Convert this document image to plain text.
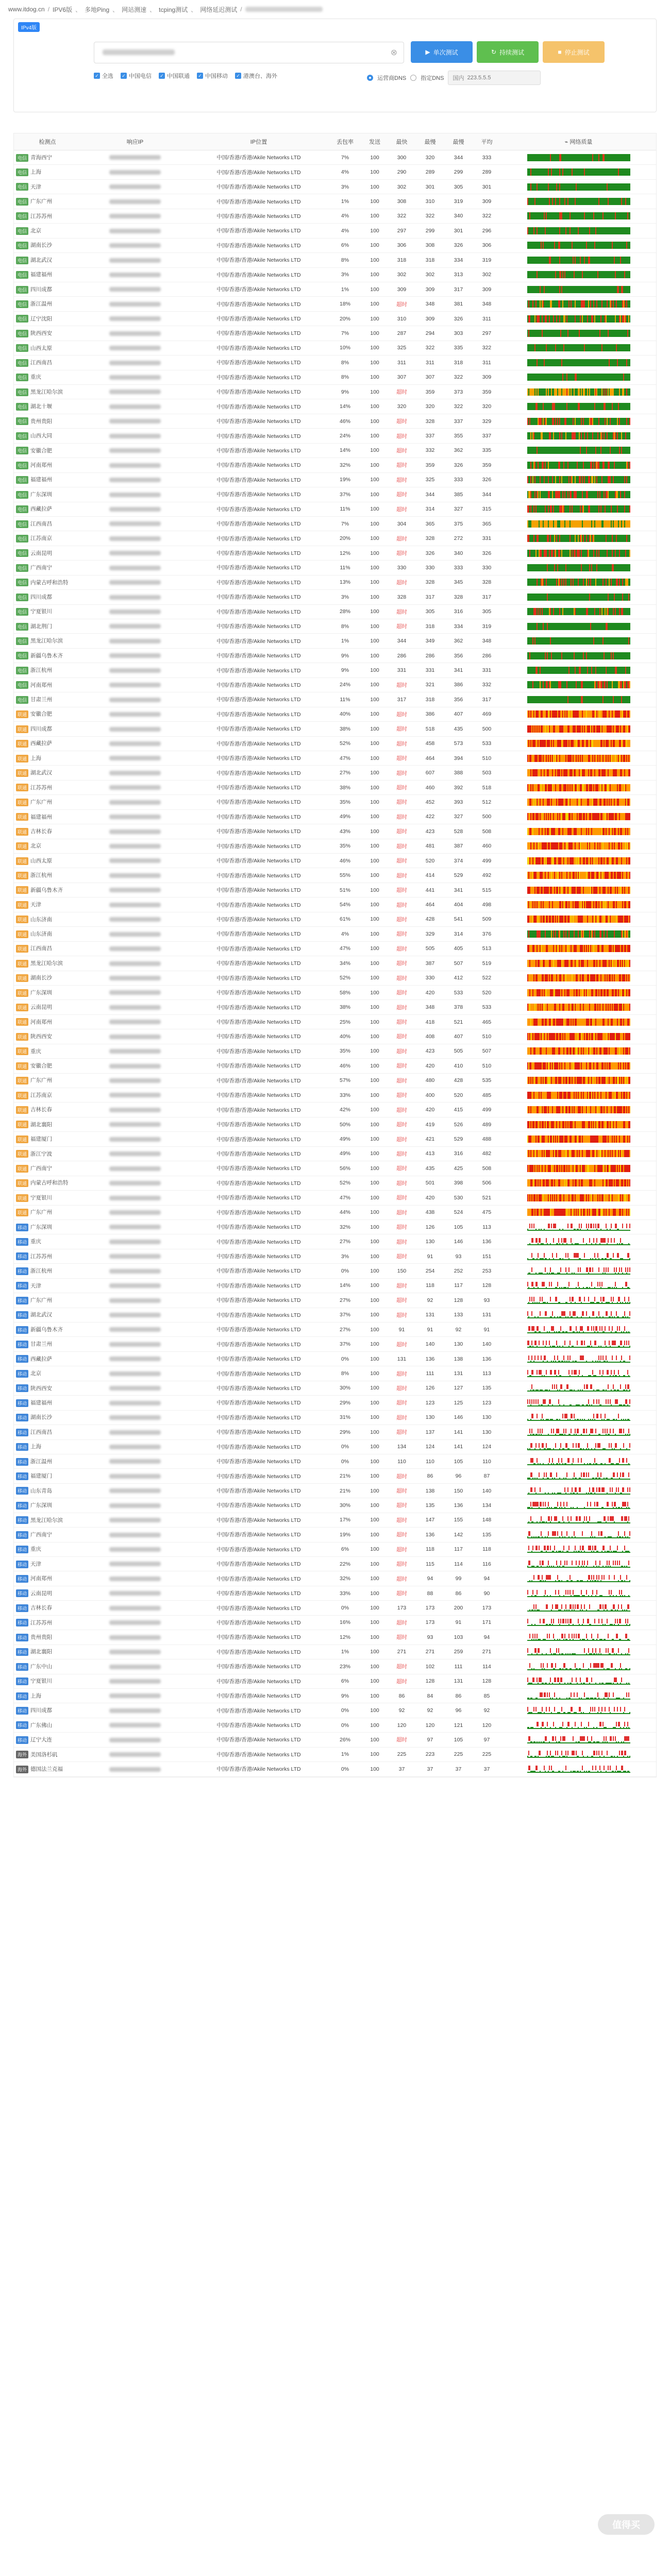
www.itdog.cn / IPV6版 、 多地Ping 、 网站测速 、 tcping测试 、 网络延迟测试 /
IPv4版
⊗	▶ 单次测试	↻ 持续测试	■ 停止测试
✓ 全选 ✓ 中国电信 ✓ 中国联通 ✓ 中国移动 ✓ 港澳台、海外	运营商DNS	指定DNS 国内
223.5.5.5
检测点	响应IP	IP位置	丢包率	发送	最快	最慢	最慢	平均	⌁ 网络质量
电信 青海西宁		中国/香港/香港/Akile Networks LTD	7%	100	300	320	344	333	

电信 上海		中国/香港/香港/Akile Networks LTD	4%	100	290	289	299	289	

电信 天津		中国/香港/香港/Akile Networks LTD	3%	100	302	301	305	301	

电信 广东广州		中国/香港/香港/Akile Networks LTD	1%	100	308	310	319	309	

电信 江苏苏州		中国/香港/香港/Akile Networks LTD	4%	100	322	322	340	322	

电信 北京		中国/香港/香港/Akile Networks LTD	4%	100	297	299	301	296	

电信 湖南长沙		中国/香港/香港/Akile Networks LTD	6%	100	306	308	326	306	

电信 湖北武汉		中国/香港/香港/Akile Networks LTD	8%	100	318	318	334	319	

电信 福建福州		中国/香港/香港/Akile Networks LTD	3%	100	302	302	313	302	

电信 四川成都		中国/香港/香港/Akile Networks LTD	1%	100	309	309	317	309	

电信 浙江温州		中国/香港/香港/Akile Networks LTD	18%	100	超时	348	381	348	

电信 辽宁沈阳		中国/香港/香港/Akile Networks LTD	20%	100	310	309	326	311	

电信 陕西西安		中国/香港/香港/Akile Networks LTD	7%	100	287	294	303	297	

电信 山西太原		中国/香港/香港/Akile Networks LTD	10%	100	325	322	335	322	

电信 江西南昌		中国/香港/香港/Akile Networks LTD	8%	100	311	311	318	311	

电信 重庆		中国/香港/香港/Akile Networks LTD	8%	100	307	307	322	309	

电信 黑龙江哈尔滨		中国/香港/香港/Akile Networks LTD	9%	100	超时	359	373	359	

电信 湖北十堰		中国/香港/香港/Akile Networks LTD	14%	100	320	320	322	320	

电信 贵州贵阳		中国/香港/香港/Akile Networks LTD	46%	100	超时	328	337	329	

电信 山西大同		中国/香港/香港/Akile Networks LTD	24%	100	超时	337	355	337	

电信 安徽合肥		中国/香港/香港/Akile Networks LTD	14%	100	超时	332	362	335	

电信 河南郑州		中国/香港/香港/Akile Networks LTD	32%	100	超时	359	326	359	

电信 福建福州		中国/香港/香港/Akile Networks LTD	19%	100	超时	325	333	326	

电信 广东深圳		中国/香港/香港/Akile Networks LTD	37%	100	超时	344	385	344	

电信 西藏拉萨		中国/香港/香港/Akile Networks LTD	11%	100	超时	314	327	315	

电信 江西南昌		中国/香港/香港/Akile Networks LTD	7%	100	304	365	375	365	

电信 江苏南京		中国/香港/香港/Akile Networks LTD	20%	100	超时	328	272	331	

电信 云南昆明		中国/香港/香港/Akile Networks LTD	12%	100	超时	326	340	326	

电信 广西南宁		中国/香港/香港/Akile Networks LTD	11%	100	330	330	333	330	

电信 内蒙古呼和浩特		中国/香港/香港/Akile Networks LTD	13%	100	超时	328	345	328	

电信 四川成都		中国/香港/香港/Akile Networks LTD	3%	100	328	317	328	317	

电信 宁夏银川		中国/香港/香港/Akile Networks LTD	28%	100	超时	305	316	305	

电信 湖北荆门		中国/香港/香港/Akile Networks LTD	8%	100	超时	318	334	319	

电信 黑龙江哈尔滨		中国/香港/香港/Akile Networks LTD	1%	100	344	349	362	348	

电信 新疆乌鲁木齐		中国/香港/香港/Akile Networks LTD	9%	100	286	286	356	286	

电信 浙江杭州		中国/香港/香港/Akile Networks LTD	9%	100	331	331	341	331	

电信 河南郑州		中国/香港/香港/Akile Networks LTD	24%	100	超时	321	386	332	

电信 甘肃兰州		中国/香港/香港/Akile Networks LTD	11%	100	317	318	356	317	

联通 安徽合肥		中国/香港/香港/Akile Networks LTD	40%	100	超时	386	407	469	

联通 四川成都		中国/香港/香港/Akile Networks LTD	38%	100	超时	518	435	500	

联通 西藏拉萨		中国/香港/香港/Akile Networks LTD	52%	100	超时	458	573	533	

联通 上海		中国/香港/香港/Akile Networks LTD	47%	100	超时	464	394	510	

联通 湖北武汉		中国/香港/香港/Akile Networks LTD	27%	100	超时	607	388	503	

联通 江苏苏州		中国/香港/香港/Akile Networks LTD	38%	100	超时	460	392	518	

联通 广东广州		中国/香港/香港/Akile Networks LTD	35%	100	超时	452	393	512	

联通 福建福州		中国/香港/香港/Akile Networks LTD	49%	100	超时	422	327	500	

联通 吉林长春		中国/香港/香港/Akile Networks LTD	43%	100	超时	423	528	508	

联通 北京		中国/香港/香港/Akile Networks LTD	35%	100	超时	481	387	460	

联通 山西太原		中国/香港/香港/Akile Networks LTD	46%	100	超时	520	374	499	

联通 浙江杭州		中国/香港/香港/Akile Networks LTD	55%	100	超时	414	529	492	

联通 新疆乌鲁木齐		中国/香港/香港/Akile Networks LTD	51%	100	超时	441	341	515	

联通 天津		中国/香港/香港/Akile Networks LTD	54%	100	超时	464	404	498	

联通 山东济南		中国/香港/香港/Akile Networks LTD	61%	100	超时	428	541	509	

联通 山东济南		中国/香港/香港/Akile Networks LTD	4%	100	超时	329	314	376	

联通 江西南昌		中国/香港/香港/Akile Networks LTD	47%	100	超时	505	405	513	

联通 黑龙江哈尔滨		中国/香港/香港/Akile Networks LTD	34%	100	超时	387	507	519	

联通 湖南长沙		中国/香港/香港/Akile Networks LTD	52%	100	超时	330	412	522	

联通 广东深圳		中国/香港/香港/Akile Networks LTD	58%	100	超时	420	533	520	

联通 云南昆明		中国/香港/香港/Akile Networks LTD	38%	100	超时	348	378	533	

联通 河南郑州		中国/香港/香港/Akile Networks LTD	25%	100	超时	418	521	465	

联通 陕西西安		中国/香港/香港/Akile Networks LTD	40%	100	超时	408	407	510	

联通 重庆		中国/香港/香港/Akile Networks LTD	35%	100	超时	423	505	507	

联通 安徽合肥		中国/香港/香港/Akile Networks LTD	46%	100	超时	420	410	510	

联通 广东广州		中国/香港/香港/Akile Networks LTD	57%	100	超时	480	428	535	

联通 江苏南京		中国/香港/香港/Akile Networks LTD	33%	100	超时	400	520	485	

联通 吉林长春		中国/香港/香港/Akile Networks LTD	42%	100	超时	420	415	499	

联通 湖北襄阳		中国/香港/香港/Akile Networks LTD	50%	100	超时	419	526	489	

联通 福建厦门		中国/香港/香港/Akile Networks LTD	49%	100	超时	421	529	488	

联通 浙江宁波		中国/香港/香港/Akile Networks LTD	49%	100	超时	413	316	482	

联通 广西南宁		中国/香港/香港/Akile Networks LTD	56%	100	超时	435	425	508	

联通 内蒙古呼和浩特		中国/香港/香港/Akile Networks LTD	52%	100	超时	501	398	506	

联通 宁夏银川		中国/香港/香港/Akile Networks LTD	47%	100	超时	420	530	521	

联通 广东广州		中国/香港/香港/Akile Networks LTD	44%	100	超时	438	524	475	

移动 广东深圳		中国/香港/香港/Akile Networks LTD	32%	100	超时	126	105	113	

移动 重庆		中国/香港/香港/Akile Networks LTD	27%	100	超时	130	146	136	

移动 江苏苏州		中国/香港/香港/Akile Networks LTD	3%	100	超时	91	93	151	

移动 浙江杭州		中国/香港/香港/Akile Networks LTD	0%	100	150	254	252	253	

移动 天津		中国/香港/香港/Akile Networks LTD	14%	100	超时	118	117	128	

移动 广东广州		中国/香港/香港/Akile Networks LTD	27%	100	超时	92	128	93	

移动 湖北武汉		中国/香港/香港/Akile Networks LTD	37%	100	超时	131	133	131	

移动 新疆乌鲁木齐		中国/香港/香港/Akile Networks LTD	27%	100	91	91	92	91	

移动 甘肃兰州		中国/香港/香港/Akile Networks LTD	37%	100	超时	140	130	140	

移动 西藏拉萨		中国/香港/香港/Akile Networks LTD	0%	100	131	136	138	136	

移动 北京		中国/香港/香港/Akile Networks LTD	8%	100	超时	111	131	113	

移动 陕西西安		中国/香港/香港/Akile Networks LTD	30%	100	超时	126	127	135	

移动 福建福州		中国/香港/香港/Akile Networks LTD	29%	100	超时	123	125	123	

移动 湖南长沙		中国/香港/香港/Akile Networks LTD	31%	100	超时	130	146	130	

移动 江西南昌		中国/香港/香港/Akile Networks LTD	29%	100	超时	137	141	130	

移动 上海		中国/香港/香港/Akile Networks LTD	0%	100	134	124	141	124	

移动 浙江温州		中国/香港/香港/Akile Networks LTD	0%	100	110	110	105	110	

移动 福建厦门		中国/香港/香港/Akile Networks LTD	21%	100	超时	86	96	87	

移动 山东青岛		中国/香港/香港/Akile Networks LTD	21%	100	超时	138	150	140	

移动 广东深圳		中国/香港/香港/Akile Networks LTD	30%	100	超时	135	136	134	

移动 黑龙江哈尔滨		中国/香港/香港/Akile Networks LTD	17%	100	超时	147	155	148	

移动 广西南宁		中国/香港/香港/Akile Networks LTD	19%	100	超时	136	142	135	

移动 重庆		中国/香港/香港/Akile Networks LTD	6%	100	超时	118	117	118	

移动 天津		中国/香港/香港/Akile Networks LTD	22%	100	超时	115	114	116	

移动 河南郑州		中国/香港/香港/Akile Networks LTD	32%	100	超时	94	99	94	

移动 云南昆明		中国/香港/香港/Akile Networks LTD	33%	100	超时	88	86	90	

移动 吉林长春		中国/香港/香港/Akile Networks LTD	0%	100	173	173	200	173	

移动 江苏苏州		中国/香港/香港/Akile Networks LTD	16%	100	超时	173	91	171	

移动 贵州贵阳		中国/香港/香港/Akile Networks LTD	12%	100	超时	93	103	94	

移动 湖北襄阳		中国/香港/香港/Akile Networks LTD	1%	100	271	271	259	271	

移动 广东中山		中国/香港/香港/Akile Networks LTD	23%	100	超时	102	111	114	

移动 宁夏银川		中国/香港/香港/Akile Networks LTD	6%	100	超时	128	131	128	

移动 上海		中国/香港/香港/Akile Networks LTD	9%	100	86	84	86	85	

移动 四川成都		中国/香港/香港/Akile Networks LTD	0%	100	92	92	96	92	

移动 广东佛山		中国/香港/香港/Akile Networks LTD	0%	100	120	120	121	120	

移动 辽宁大连		中国/香港/香港/Akile Networks LTD	26%	100	超时	97	105	97	

海外 美国洛杉矶		中国/香港/香港/Akile Networks LTD	1%	100	225	223	225	225	

海外 德国法兰克福		中国/香港/香港/Akile Networks LTD	0%	100	37	37	37	37	
值得买
